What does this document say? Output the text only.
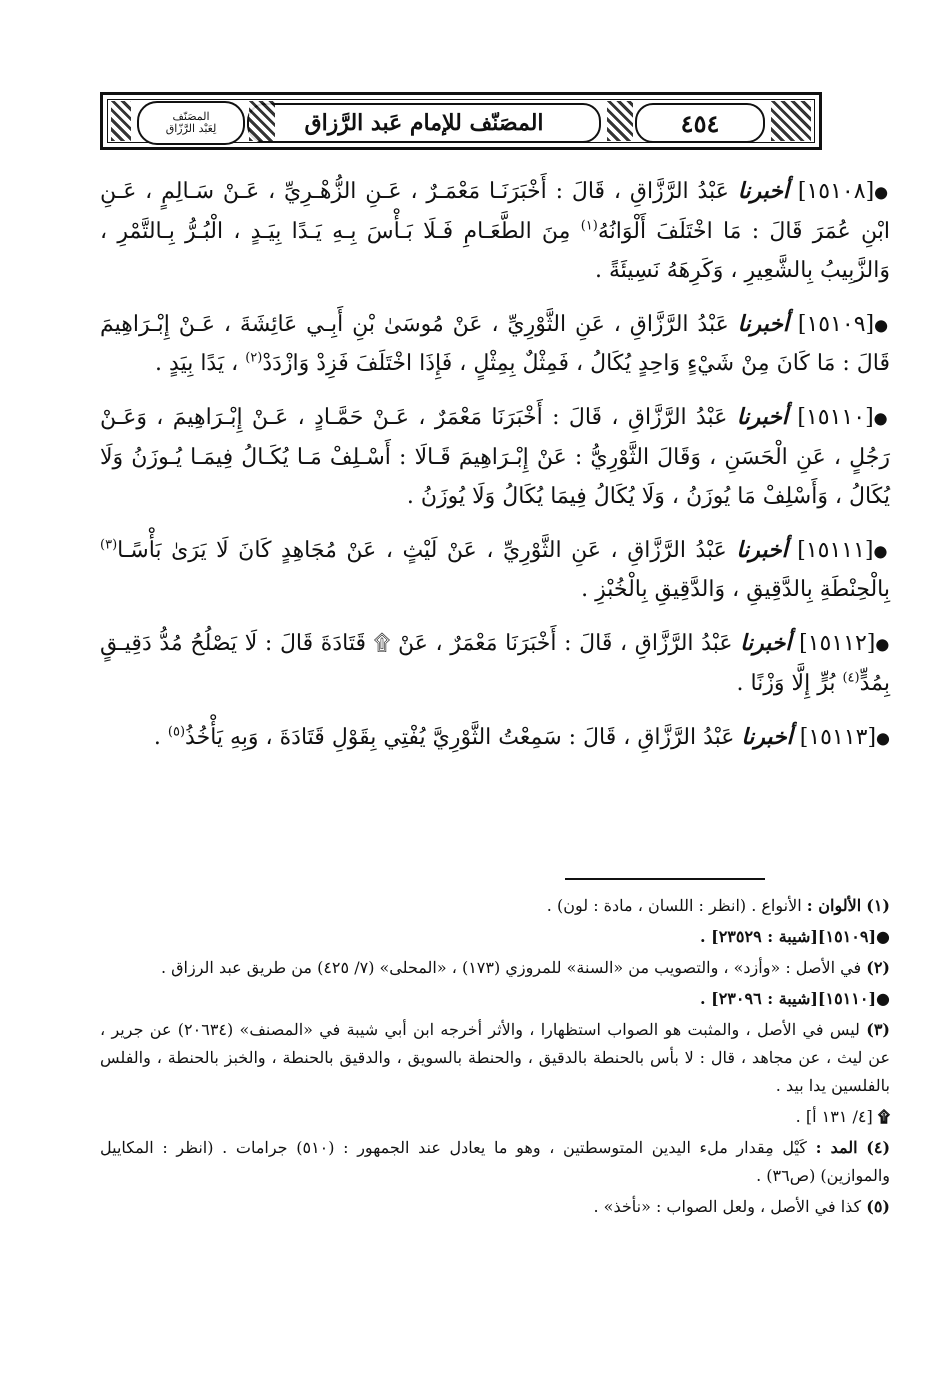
٤٥٤
المصَنّف للإمام عَبد الرَّزاق
المصَنّف
لِعَبْد الرَّزّاق

●[١٥١٠٨] أخبرنا عَبْدُ الرَّزَّاقِ ، قَالَ : أَخْبَرَنَـا مَعْمَـرٌ ، عَـنِ الزُّهْـرِيِّ ، عَـنْ سَـالِمٍ ، عَـنِ ابْنِ عُمَرَ قَالَ : مَا اخْتَلَفَ أَلْوَانُهُ$^{(١)}$ مِنَ الطَّعَـامِ فَـلَا بَـأْسَ بِـهِ يَـدًا بِيَـدٍ ، الْبُـرُّ بِـالتَّمْرِ ، وَالزَّبِيبُ بِالشَّعِيرِ ، وَكَرِهَهُ نَسِيئَةً .

●[١٥١٠٩] أخبرنا عَبْدُ الرَّزَّاقِ ، عَنِ الثَّوْرِيِّ ، عَنْ مُوسَىٰ بْنِ أَبِـي عَائِشَةَ ، عَـنْ إِبْـرَاهِيمَ قَالَ : مَا كَانَ مِنْ شَيْءٍ وَاحِدٍ يُكَالُ ، فَمِثْلٌ بِمِثْلٍ ، فَإِذَا اخْتَلَفَ فَزِدْ وَازْدَدْ$^{(٢)}$ ، يَدًا بِيَدٍ .

●[١٥١١٠] أخبرنا عَبْدُ الرَّزَّاقِ ، قَالَ : أَخْبَرَنَا مَعْمَرٌ ، عَـنْ حَمَّـادٍ ، عَـنْ إِبْـرَاهِيمَ ، وَعَـنْ رَجُلٍ ، عَنِ الْحَسَنِ ، وَقَالَ الثَّوْرِيُّ : عَنْ إِبْـرَاهِيمَ قَـالَا : أَسْـلِفْ مَـا يُكَـالُ فِيمَـا يُـوزَنُ وَلَا يُكَالُ ، وَأَسْلِفْ مَا يُوزَنُ ، وَلَا يُكَالُ فِيمَا يُكَالُ وَلَا يُوزَنُ .

●[١٥١١١] أخبرنا عَبْدُ الرَّزَّاقِ ، عَنِ الثَّوْرِيِّ ، عَنْ لَيْثٍ ، عَنْ مُجَاهِدٍ كَانَ لَا يَرَىٰ بَأْسًـا$^{(٣)}$ بِالْحِنْطَةِ بِالدَّقِيقِ ، وَالدَّقِيقِ بِالْخُبْزِ .

●[١٥١١٢] أخبرنا عَبْدُ الرَّزَّاقِ ، قَالَ : أَخْبَرَنَا مَعْمَرٌ ، عَنْ ۩ قَتَادَةَ قَالَ : لَا يَصْلُحُ مُدُّ دَقِيـقٍ بِمُدٍّ$^{(٤)}$ بُرٍّ إِلَّا وَزْنًا .

●[١٥١١٣] أخبرنا عَبْدُ الرَّزَّاقِ ، قَالَ : سَمِعْتُ الثَّوْرِيَّ يُفْتِي بِقَوْلِ قَتَادَةَ ، وَبِهِ يَأْخُذُ$^{(٥)}$ .

(١) الألوان : الأنواع . (انظر : اللسان ، مادة : لون) .

●[١٥١٠٩][شيبة : ٢٣٥٢٩] .

(٢) في الأصل : «وأزد» ، والتصويب من «السنة» للمروزي (١٧٣) ، «المحلى» (٧/ ٤٢٥) من طريق عبد الرزاق .

●[١٥١١٠][شيبة : ٢٣٠٩٦] .

(٣) ليس في الأصل ، والمثبت هو الصواب استظهارا ، والأثر أخرجه ابن أبي شيبة في «المصنف» (٢٠٦٣٤) عن جرير ، عن ليث ، عن مجاهد ، قال : لا بأس بالحنطة بالدقيق ، والحنطة بالسويق ، والدقيق بالحنطة ، والخبز بالحنطة ، والفلس بالفلسين يدا بيد .

۩ [٤/ ١٣١ أ] .

(٤) المد : كَيْل مِقدار ملء اليدين المتوسطتين ، وهو ما يعادل عند الجمهور : (٥١٠) جرامات . (انظر : المكاييل والموازين) (ص٣٦) .

(٥) كذا في الأصل ، ولعل الصواب : «نأخذ» .
